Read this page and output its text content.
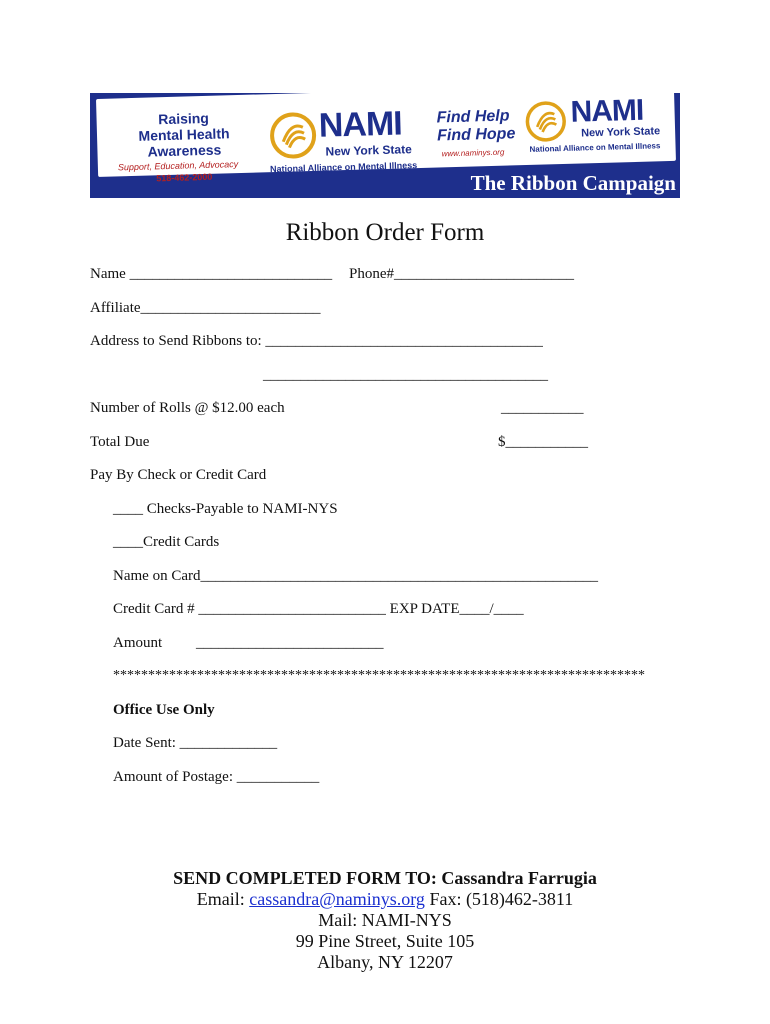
Raising
Mental Health
Awareness
Support, Education, Advocacy
518-462-2000
NAMI
New York State
National Alliance on Mental Illness
Find Help
Find Hope
www.naminys.org
NAMI
New York State
National Alliance on Mental Illness
The Ribbon Campaign
Ribbon Order Form
Name ___________________________ Phone#________________________
Affiliate________________________
Address to Send Ribbons to: _____________________________________
______________________________________
Number of Rolls @ $12.00 each	___________
Total Due	$___________
Pay By Check or Credit Card
____ Checks-Payable to NAMI-NYS
____Credit Cards
Name on Card_____________________________________________________
Credit Card # _________________________ EXP DATE____/____
Amount _________________________
****************************************************************************
Office Use Only
Date Sent: _____________
Amount of Postage: ___________
SEND COMPLETED FORM TO: Cassandra Farrugia
Email: cassandra@naminys.org Fax: (518)462-3811
Mail: NAMI-NYS
99 Pine Street, Suite 105
Albany, NY 12207
